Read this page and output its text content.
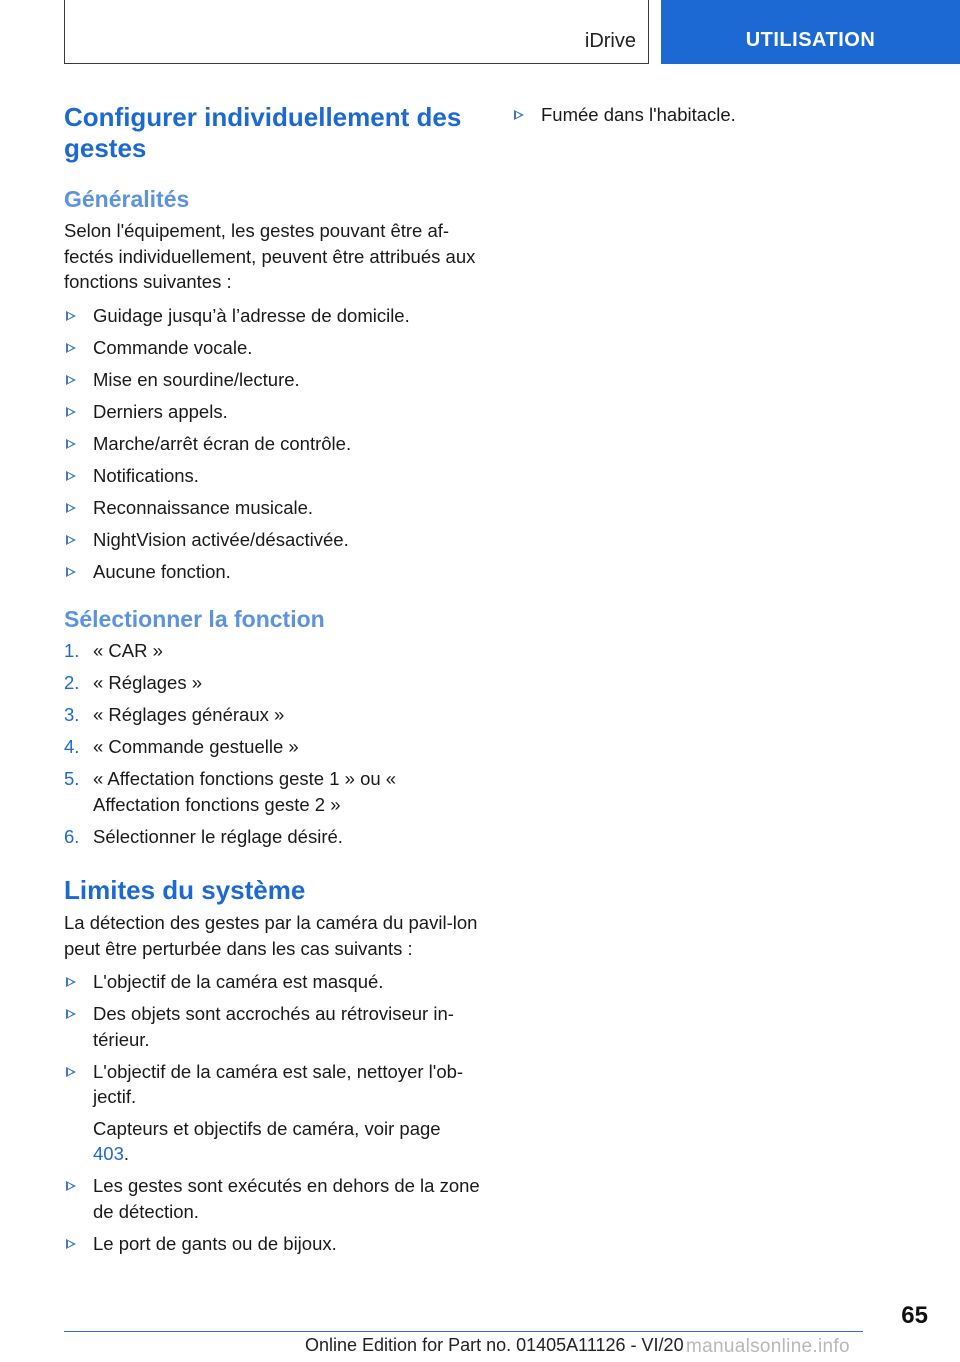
iDrive	UTILISATION
Configurer individuellement des gestes
Généralités

Selon l'équipement, les gestes pouvant être af-fectés individuellement, peuvent être attribués aux fonctions suivantes :

Guidage jusqu’à l’adresse de domicile.
Commande vocale.
Mise en sourdine/lecture.
Derniers appels.
Marche/arrêt écran de contrôle.
Notifications.
Reconnaissance musicale.
NightVision activée/désactivée.
Aucune fonction.
Sélectionner la fonction
1. « CAR »
2. « Réglages »
3. « Réglages généraux »
4. « Commande gestuelle »
5. « Affectation fonctions geste 1 » ou « Affectation fonctions geste 2 »
6. Sélectionner le réglage désiré.
Limites du système

La détection des gestes par la caméra du pavil-lon peut être perturbée dans les cas suivants :

L'objectif de la caméra est masqué.
Des objets sont accrochés au rétroviseur in-térieur.
L'objectif de la caméra est sale, nettoyer l'ob-jectif.
Capteurs et objectifs de caméra, voir page 403.
Les gestes sont exécutés en dehors de la zone de détection.
Le port de gants ou de bijoux.
Fumée dans l'habitacle.
65
Online Edition for Part no. 01405A11126 - VI/20 manualsonline.info
